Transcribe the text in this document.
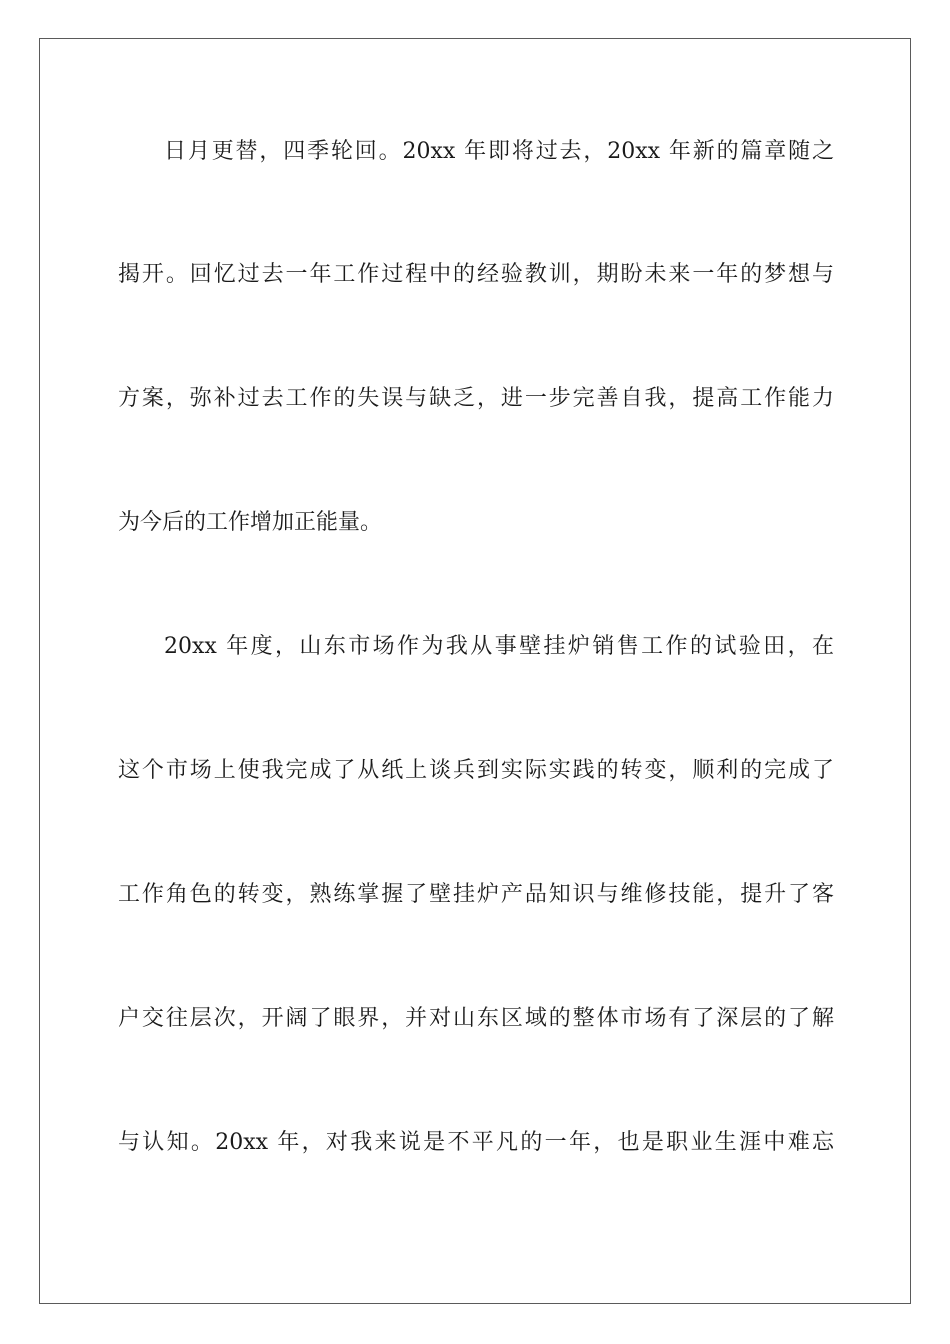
日月更替，四季轮回。20xx 年即将过去，20xx 年新的篇章随之
揭开。回忆过去一年工作过程中的经验教训，期盼未来一年的梦想与
方案，弥补过去工作的失误与缺乏，进一步完善自我，提高工作能力
为今后的工作增加正能量。
20xx 年度，山东市场作为我从事壁挂炉销售工作的试验田，在
这个市场上使我完成了从纸上谈兵到实际实践的转变，顺利的完成了
工作角色的转变，熟练掌握了壁挂炉产品知识与维修技能，提升了客
户交往层次，开阔了眼界，并对山东区域的整体市场有了深层的了解
与认知。20xx 年，对我来说是不平凡的一年，也是职业生涯中难忘
